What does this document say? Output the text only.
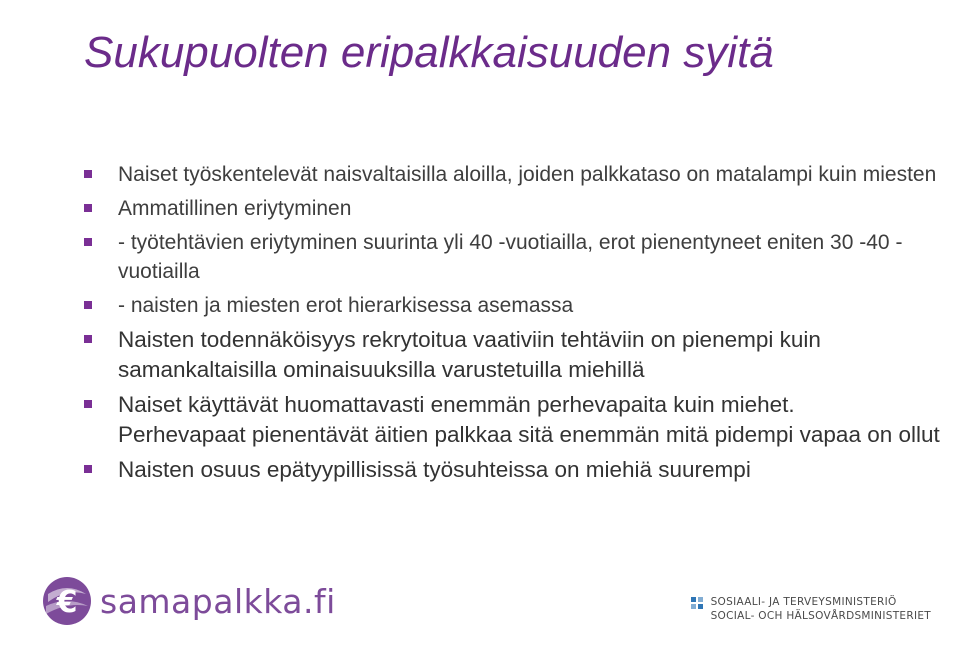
Sukupuolten eripalkkaisuuden syitä
Naiset työskentelevät naisvaltaisilla aloilla, joiden palkkataso on matalampi kuin miesten
Ammatillinen eriytyminen
- työtehtävien eriytyminen suurinta yli 40 -vuotiailla, erot pienentyneet eniten 30 -40 -vuotiailla
- naisten ja miesten erot hierarkisessa asemassa
Naisten todennäköisyys rekrytoitua vaativiin tehtäviin on pienempi kuin samankaltaisilla ominaisuuksilla varustetuilla miehillä
Naiset käyttävät huomattavasti enemmän perhevapaita kuin miehet.
Perhevapaat pienentävät äitien palkkaa sitä enemmän mitä pidempi vapaa on ollut
Naisten osuus epätyypillisissä työsuhteissa on miehiä suurempi
€ samapalkka.fi	SOSIAALI- JA TERVEYSMINISTERIÖ
SOCIAL- OCH HÄLSOVÅRDSMINISTERIET
